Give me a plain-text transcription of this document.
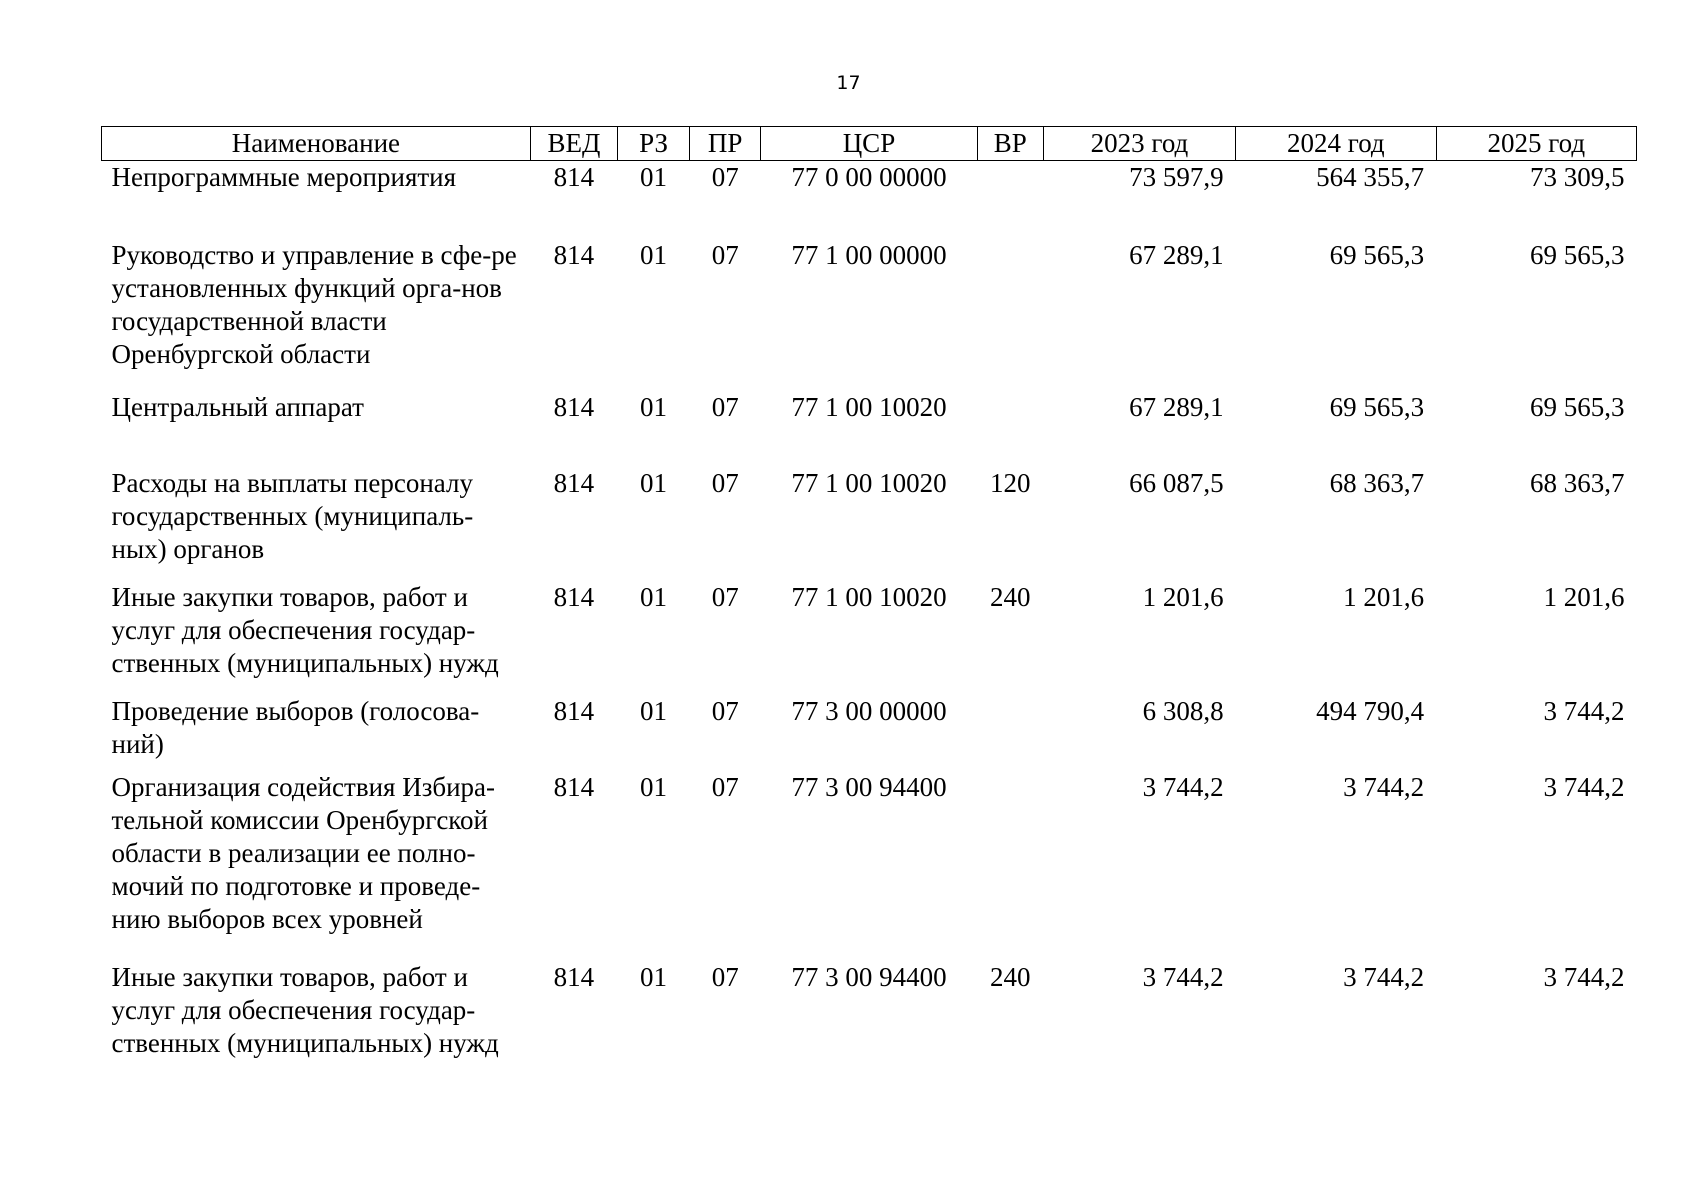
17
Наименование	ВЕД	РЗ	ПР	ЦСР	ВР	2023 год	2024 год	2025 год
Непрограммные мероприятия	814	01	07	77 0 00 00000		73 597,9	564 355,7	73 309,5
Руководство и управление в сфе-ре установленных функций орга-нов государственной власти Оренбургской области	814	01	07	77 1 00 00000		67 289,1	69 565,3	69 565,3
Центральный аппарат	814	01	07	77 1 00 10020		67 289,1	69 565,3	69 565,3
Расходы на выплаты персоналу государственных (муниципаль-ных) органов	814	01	07	77 1 00 10020	120	66 087,5	68 363,7	68 363,7
Иные закупки товаров, работ и услуг для обеспечения государ-ственных (муниципальных) нужд	814	01	07	77 1 00 10020	240	1 201,6	1 201,6	1 201,6
Проведение выборов (голосова-ний)	814	01	07	77 3 00 00000		6 308,8	494 790,4	3 744,2
Организация содействия Избира-тельной комиссии Оренбургской области в реализации ее полно-мочий по подготовке и проведе-нию выборов всех уровней	814	01	07	77 3 00 94400		3 744,2	3 744,2	3 744,2
Иные закупки товаров, работ и услуг для обеспечения государ-ственных (муниципальных) нужд	814	01	07	77 3 00 94400	240	3 744,2	3 744,2	3 744,2
